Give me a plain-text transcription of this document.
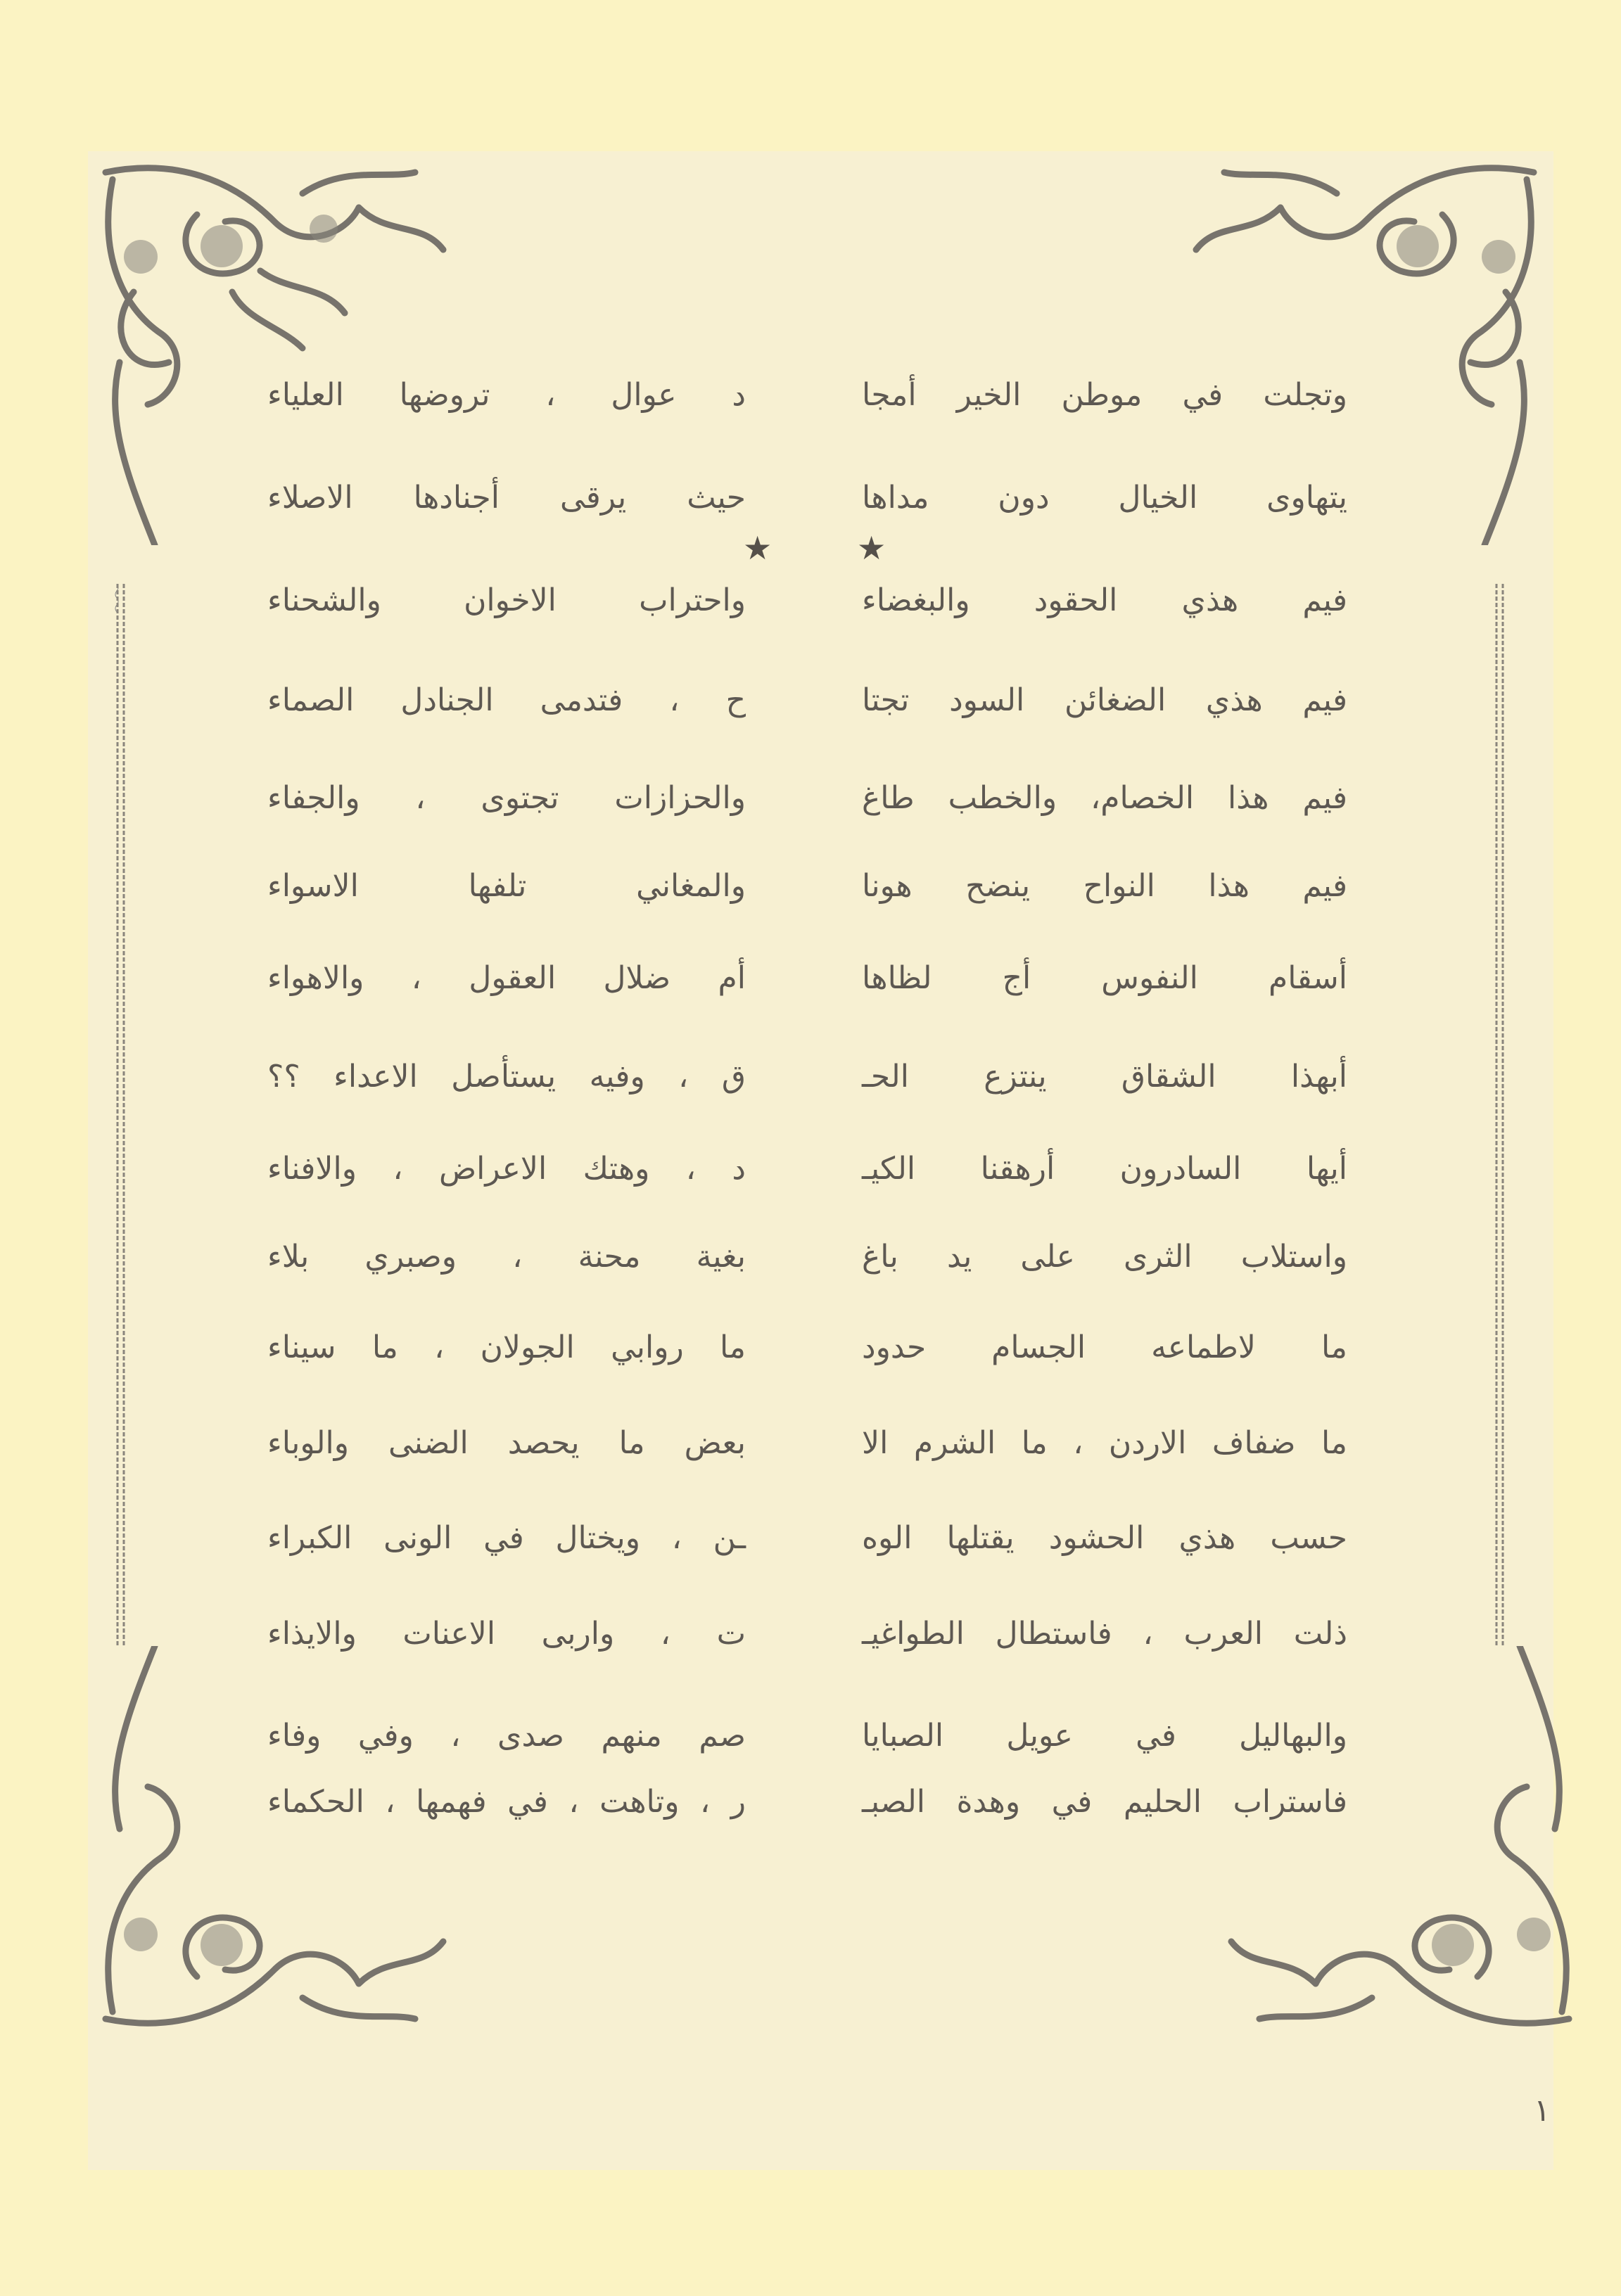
وتجلت في موطن الخير أمجا
يتهاوى الخيال دون مداها
فيم هذي الحقود والبغضاء
فيم هذي الضغائن السود تجتا
فيم هذا الخصام، والخطب طاغ
فيم هذا النواح ينضح هونا
أسقام النفوس أج لظاها
أبهذا الشقاق ينتزع الحـ
أيها السادرون أرهقنا الكيـ
واستلاب الثرى على يد باغ
ما لاطماعه الجسام حدود
ما ضفاف الاردن ، ما الشرم الا
حسب هذي الحشود يقتلها الوه
ذلت العرب ، فاستطال الطواغيـ
والبهاليل في عويل الصبايا
فاستراب الحليم في وهدة الصبـ
د عوال ، تروضها العلياء
حيث يرقى أجنادها الاصلاء
واحتراب الاخوان والشحناء
ح ، فتدمى الجنادل الصماء
والحزازات تجتوى ، والجفاء
والمغاني تلفها الاسواء
أم ضلال العقول ، والاهواء
ق ، وفيه يستأصل الاعداء ؟؟
د ، وهتك الاعراض ، والافناء
بغية محنة ، وصبري بلاء
ما روابي الجولان ، ما سيناء
بعض ما يحصد الضنى والوباء
ـن ، ويختال في الونى الكبراء
ت ، واربى الاعنات والايذاء
صم منهم صدى ، وفي وفاء
ر ، وتاهت ، في فهمها ، الحكماء
★
★
١
